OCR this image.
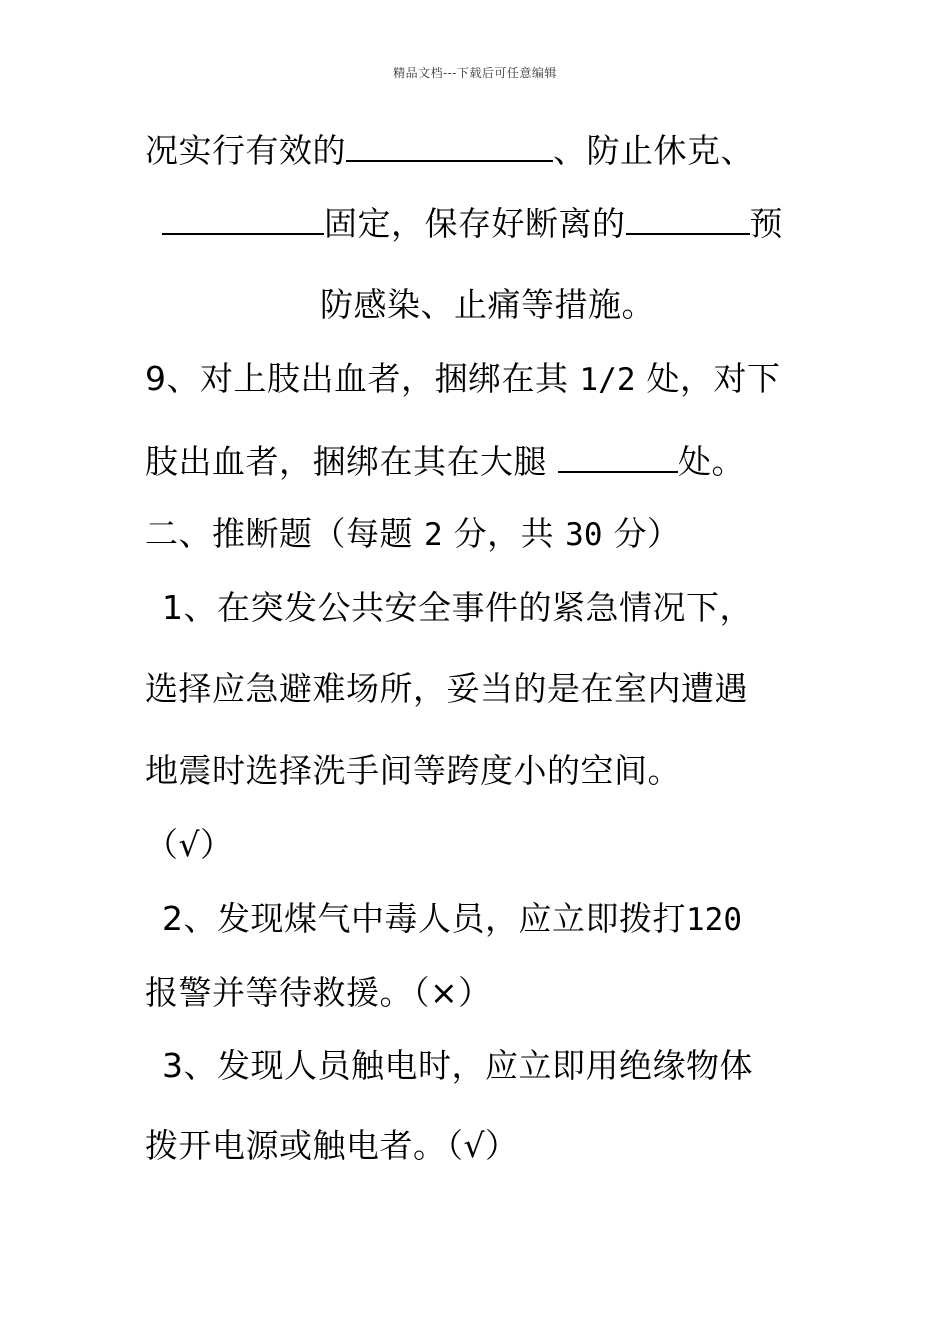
精品文档---下载后可任意编辑
况实行有效的	、防止休克、
固定，保存好断离的	预
防感染、止痛等措施。
9、对上肢出血者，捆绑在其 1/2 处，对下
肢出血者，捆绑在其在大腿	处。
二、推断题（每题 2 分，共 30 分）
1、在突发公共安全事件的紧急情况下，
选择应急避难场所，妥当的是在室内遭遇
地震时选择洗手间等跨度小的空间。
（√）
2、发现煤气中毒人员，应立即拨打120
报警并等待救援。（×）
3、发现人员触电时，应立即用绝缘物体
拨开电源或触电者。（√）
